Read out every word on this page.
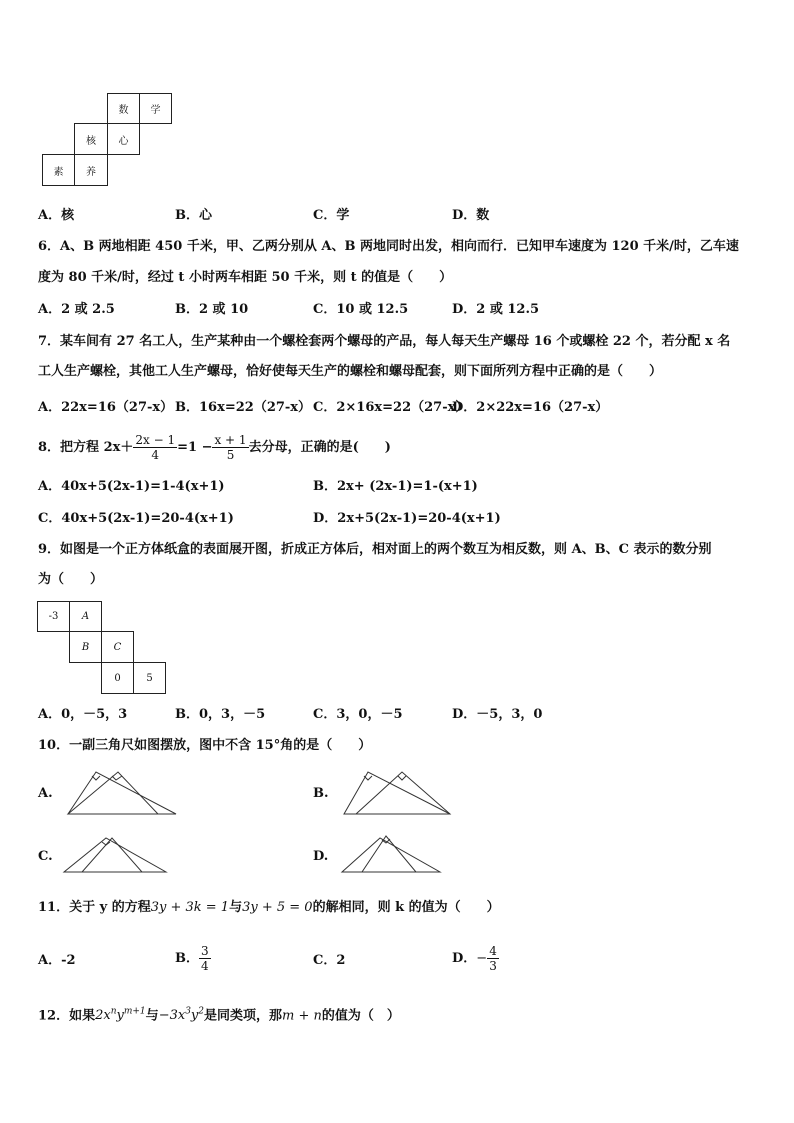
数	学
核	心
素	养
A．核	B．心	C．学	D．数
6．A、B 两地相距 450 千米，甲、乙两分别从 A、B 两地同时出发，相向而行．已知甲车速度为 120 千米/时，乙车速
度为 80 千米/时，经过 t 小时两车相距 50 千米，则 t 的值是（　　）
A．2 或 2.5	B．2 或 10	C．10 或 12.5	D．2 或 12.5
7．某车间有 27 名工人，生产某种由一个螺栓套两个螺母的产品，每人每天生产螺母 16 个或螺栓 22 个，若分配 x 名
工人生产螺栓，其他工人生产螺母，恰好使每天生产的螺栓和螺母配套，则下面所列方程中正确的是（　　）
A．22x=16（27-x） B．16x=22（27-x） C．2×16x=22（27-x）
D．2×22x=16（27-x）
8．把方程 $2x+ \frac{2x - 1}{4} =1 - \frac{x + 1}{5}$ 去分母，正确的是(　　)
A．40x+5(2x-1)=1-4(x+1)	B．2x+ (2x-1)=1-(x+1)
C．40x+5(2x-1)=20-4(x+1)	D．2x+5(2x-1)=20-4(x+1)
9．如图是一个正方体纸盒的表面展开图，折成正方体后，相对面上的两个数互为相反数，则 A、B、C 表示的数分别
为（　　）
-3	A
B	C
0	5
A．0，－5，3	B．0，3，－5	C．3，0，－5	D．－5，3，0
10．一副三角尺如图摆放，图中不含 15°角的是（　　）
A.	B.
C.	D.
11．关于 y 的方程3y + 3k = 1与3y + 5 = 0的解相同，则 k 的值为（　　）
A．-2	B． $\frac{3}{4}$	C．2	D．− $\frac{4}{3}$
12．如果$2x^ny^{m+1}$与$-3x^3y^2$是同类项，那m + n的值为（　）
